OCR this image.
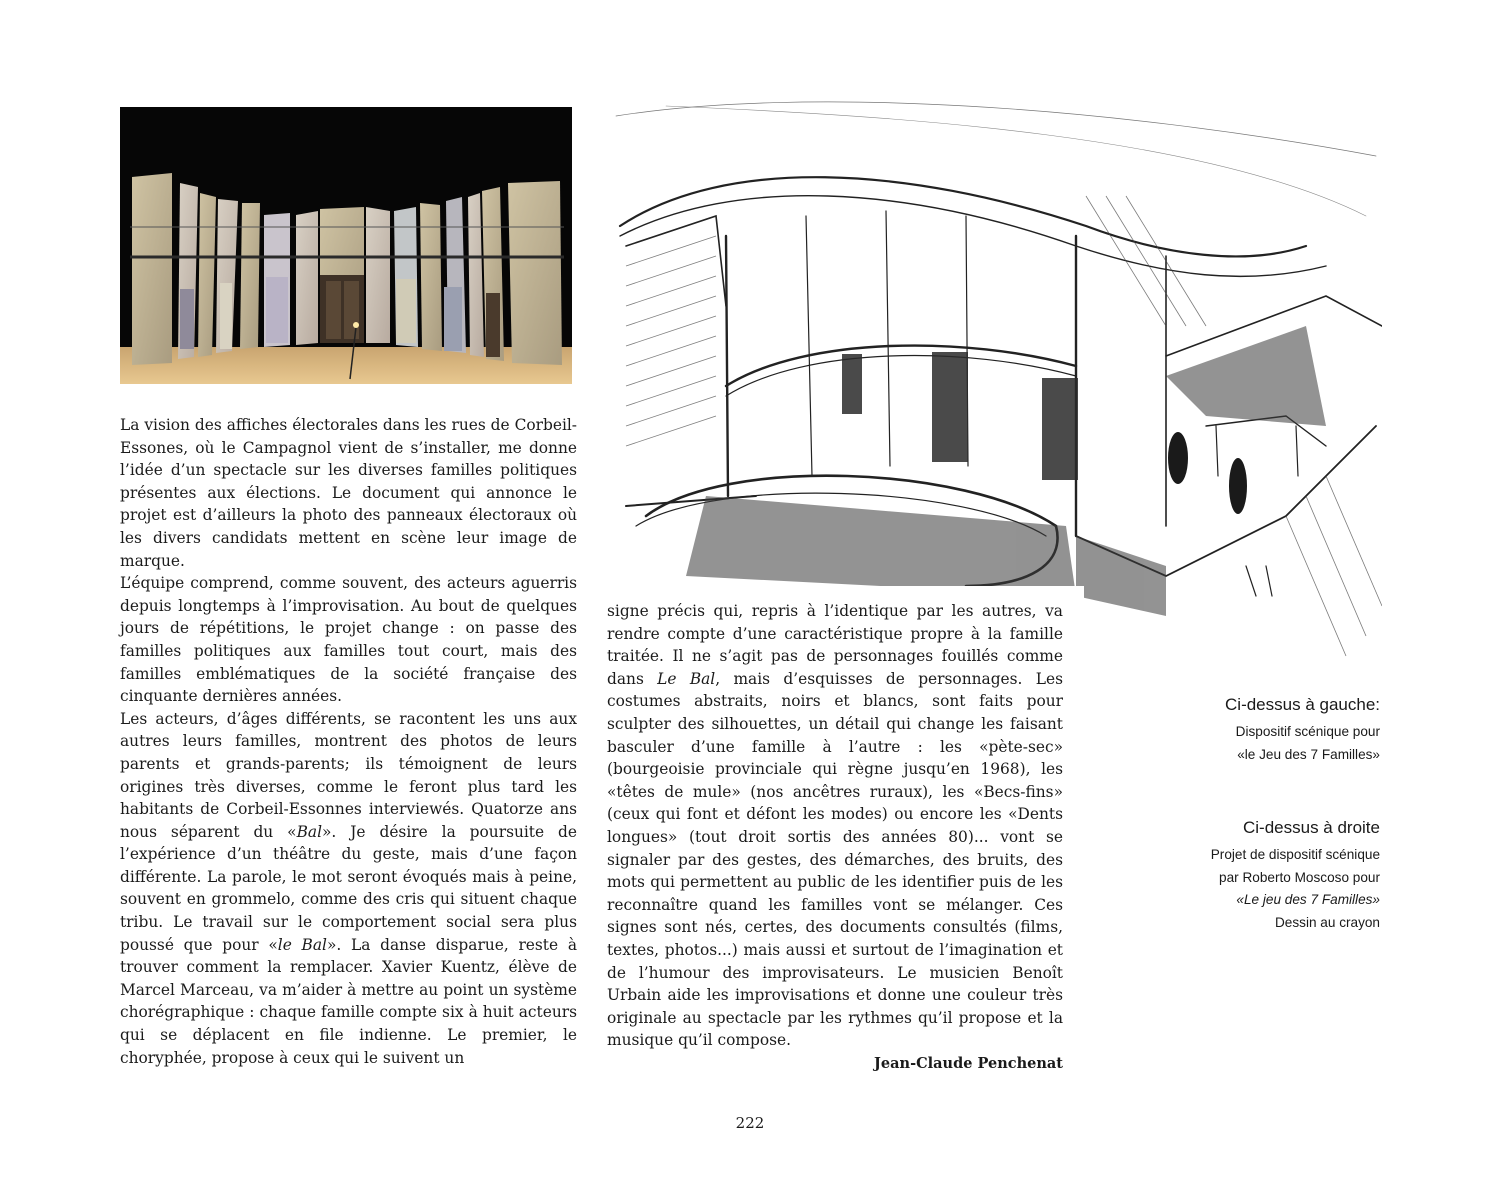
La vision des affiches électorales dans les rues de Corbeil-Essones, où le Campagnol vient de s’installer, me donne l’idée d’un spectacle sur les diverses familles politiques présentes aux élections. Le document qui annonce le projet est d’ailleurs la photo des panneaux électoraux où les divers candidats mettent en scène leur image de marque.

L’équipe comprend, comme souvent, des acteurs aguerris depuis longtemps à l’improvisation. Au bout de quelques jours de répétitions, le projet change : on passe des familles politiques aux familles tout court, mais des familles emblématiques de la société française des cinquante dernières années.

Les acteurs, d’âges différents, se racontent les uns aux autres leurs familles, montrent des photos de leurs parents et grands-parents; ils témoignent de leurs origines très diverses, comme le feront plus tard les habitants de Corbeil-Essonnes interviewés. Quatorze ans nous séparent du «Bal». Je désire la poursuite de l’expérience d’un théâtre du geste, mais d’une façon différente. La parole, le mot seront évoqués mais à peine, souvent en grommelo, comme des cris qui situent chaque tribu. Le travail sur le comportement social sera plus poussé que pour «le Bal». La danse disparue, reste à trouver comment la remplacer. Xavier Kuentz, élève de Marcel Marceau, va m’aider à mettre au point un système chorégraphique : chaque famille compte six à huit acteurs qui se déplacent en file indienne. Le premier, le choryphée, propose à ceux qui le suivent un

signe précis qui, repris à l’identique par les autres, va rendre compte d’une caractéristique propre à la famille traitée. Il ne s’agit pas de personnages fouillés comme dans Le Bal, mais d’esquisses de personnages. Les costumes abstraits, noirs et blancs, sont faits pour sculpter des silhouettes, un détail qui change les faisant basculer d’une famille à l’autre : les «pète-sec» (bourgeoisie provinciale qui règne jusqu’en 1968), les «têtes de mule» (nos ancêtres ruraux), les «Becs-fins» (ceux qui font et défont les modes) ou encore les «Dents longues» (tout droit sortis des années 80)... vont se signaler par des gestes, des démarches, des bruits, des mots qui permettent au public de les identifier puis de les reconnaître quand les familles vont se mélanger. Ces signes sont nés, certes, des documents consultés (films, textes, photos...) mais aussi et surtout de l’imagination et de l’humour des improvisateurs. Le musicien Benoît Urbain aide les improvisations et donne une couleur très originale au spectacle par les rythmes qu’il propose et la musique qu’il compose.

Jean-Claude Penchenat
Ci-dessus à gauche:
Dispositif scénique pour
«le Jeu des 7 Familles»
Ci-dessus à droite
Projet de dispositif scénique
par Roberto Moscoso pour
«Le jeu des 7 Familles»
Dessin au crayon
222
